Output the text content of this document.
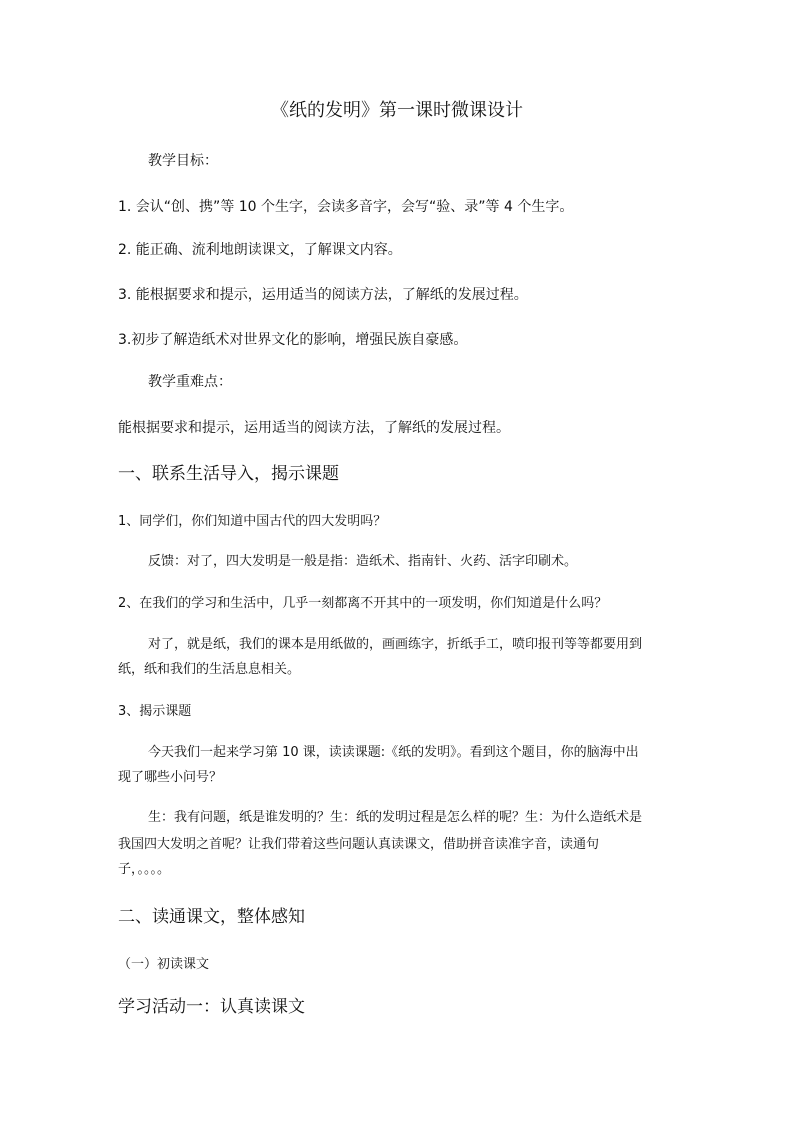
《纸的发明》第一课时微课设计
教学目标：
1. 会认“创、携”等 10 个生字，会读多音字，会写“验、录”等 4 个生字。
2. 能正确、流利地朗读课文，了解课文内容。
3. 能根据要求和提示，运用适当的阅读方法，了解纸的发展过程。
3.初步了解造纸术对世界文化的影响，增强民族自豪感。
教学重难点：
能根据要求和提示，运用适当的阅读方法，了解纸的发展过程。
一、联系生活导入，揭示课题
1、同学们，你们知道中国古代的四大发明吗？
反馈：对了，四大发明是一般是指：造纸术、指南针、火药、活字印刷术。
2、在我们的学习和生活中，几乎一刻都离不开其中的一项发明，你们知道是什么吗？
对了，就是纸，我们的课本是用纸做的，画画练字，折纸手工，喷印报刊等等都要用到
纸，纸和我们的生活息息相关。
3、揭示课题
今天我们一起来学习第 10 课，读读课题:《纸的发明》。看到这个题目，你的脑海中出
现了哪些小问号？
生：我有问题，纸是谁发明的？生：纸的发明过程是怎么样的呢？生：为什么造纸术是
我国四大发明之首呢？让我们带着这些问题认真读课文，借助拼音读准字音，读通句
子，。。。。
二、读通课文，整体感知
（一）初读课文
学习活动一：认真读课文
